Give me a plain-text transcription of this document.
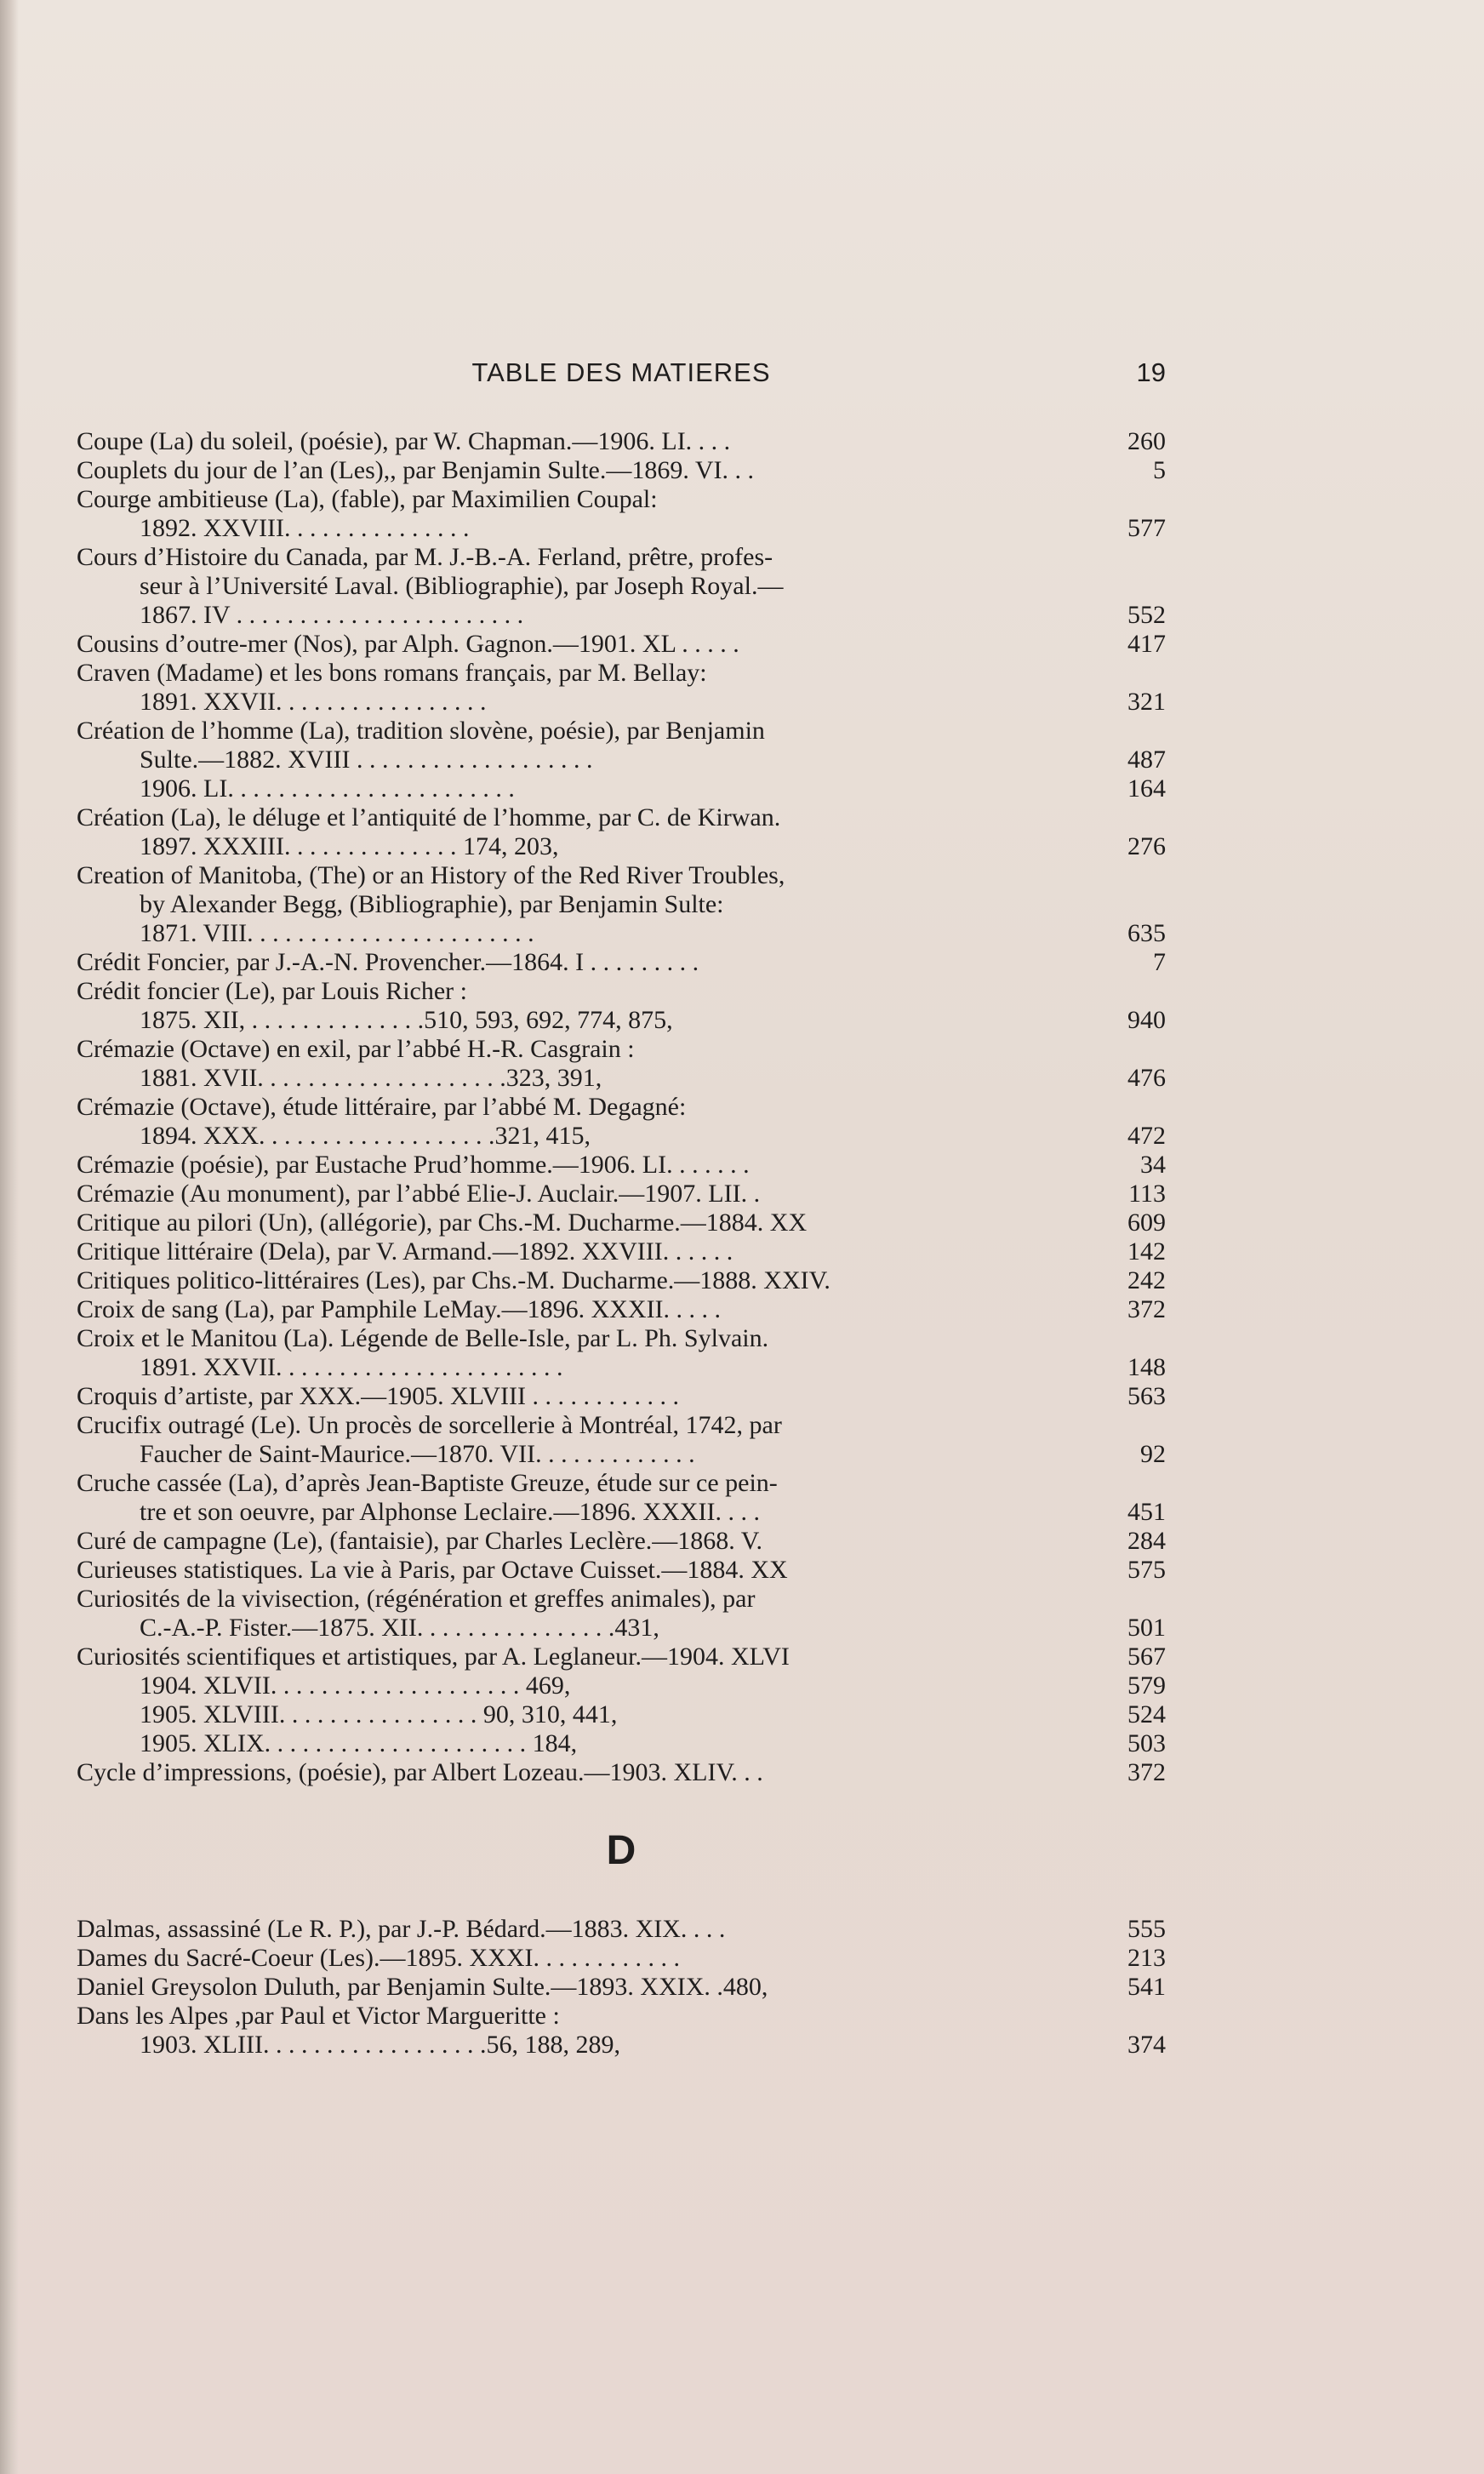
TABLE DES MATIERES	19
Coupe (La) du soleil, (poésie), par W. Chapman.—1906. LI. . . .	260
Couplets du jour de l’an (Les),, par Benjamin Sulte.—1869. VI. . .	5
Courge ambitieuse (La), (fable), par Maximilien Coupal:
1892. XXVIII. . . . . . . . . . . . . . .	577
Cours d’Histoire du Canada, par M. J.-B.-A. Ferland, prêtre, profes-
seur à l’Université Laval. (Bibliographie), par Joseph Royal.—
1867. IV . . . . . . . . . . . . . . . . . . . . . . .	552
Cousins d’outre-mer (Nos), par Alph. Gagnon.—1901. XL . . . . .	417
Craven (Madame) et les bons romans français, par M. Bellay:
1891. XXVII. . . . . . . . . . . . . . . . .	321
Création de l’homme (La), tradition slovène, poésie), par Benjamin
Sulte.—1882. XVIII . . . . . . . . . . . . . . . . . . .	487
1906. LI. . . . . . . . . . . . . . . . . . . . . . .	164
Création (La), le déluge et l’antiquité de l’homme, par C. de Kirwan.
1897. XXXIII. . . . . . . . . . . . . . 174, 203,	276
Creation of Manitoba, (The) or an History of the Red River Troubles,
by Alexander Begg, (Bibliographie), par Benjamin Sulte:
1871. VIII. . . . . . . . . . . . . . . . . . . . . . .	635
Crédit Foncier, par J.-A.-N. Provencher.—1864. I . . . . . . . . .	7
Crédit foncier (Le), par Louis Richer :
1875. XII, . . . . . . . . . . . . . .510, 593, 692, 774, 875,	940
Crémazie (Octave) en exil, par l’abbé H.-R. Casgrain :
1881. XVII. . . . . . . . . . . . . . . . . . . .323, 391,	476
Crémazie (Octave), étude littéraire, par l’abbé M. Degagné:
1894. XXX. . . . . . . . . . . . . . . . . . .321, 415,	472
Crémazie (poésie), par Eustache Prud’homme.—1906. LI. . . . . . .	34
Crémazie (Au monument), par l’abbé Elie-J. Auclair.—1907. LII. .	113
Critique au pilori (Un), (allégorie), par Chs.-M. Ducharme.—1884. XX	609
Critique littéraire (Dela), par V. Armand.—1892. XXVIII. . . . . .	142
Critiques politico-littéraires (Les), par Chs.-M. Ducharme.—1888. XXIV.	242
Croix de sang (La), par Pamphile LeMay.—1896. XXXII. . . . .	372
Croix et le Manitou (La). Légende de Belle-Isle, par L. Ph. Sylvain.
1891. XXVII. . . . . . . . . . . . . . . . . . . . . . .	148
Croquis d’artiste, par XXX.—1905. XLVIII . . . . . . . . . . . .	563
Crucifix outragé (Le). Un procès de sorcellerie à Montréal, 1742, par
Faucher de Saint-Maurice.—1870. VII. . . . . . . . . . . . .	92
Cruche cassée (La), d’après Jean-Baptiste Greuze, étude sur ce pein-
tre et son oeuvre, par Alphonse Leclaire.—1896. XXXII. . . .	451
Curé de campagne (Le), (fantaisie), par Charles Leclère.—1868. V.	284
Curieuses statistiques. La vie à Paris, par Octave Cuisset.—1884. XX	575
Curiosités de la vivisection, (régénération et greffes animales), par
C.-A.-P. Fister.—1875. XII. . . . . . . . . . . . . . . .431,	501
Curiosités scientifiques et artistiques, par A. Leglaneur.—1904. XLVI	567
1904. XLVII. . . . . . . . . . . . . . . . . . . . 469,	579
1905. XLVIII. . . . . . . . . . . . . . . . 90, 310, 441,	524
1905. XLIX. . . . . . . . . . . . . . . . . . . . . 184,	503
Cycle d’impressions, (poésie), par Albert Lozeau.—1903. XLIV. . .	372
D
Dalmas, assassiné (Le R. P.), par J.-P. Bédard.—1883. XIX. . . .	555
Dames du Sacré-Coeur (Les).—1895. XXXI. . . . . . . . . . . .	213
Daniel Greysolon Duluth, par Benjamin Sulte.—1893. XXIX. .480,	541
Dans les Alpes ,par Paul et Victor Margueritte :
1903. XLIII. . . . . . . . . . . . . . . . . .56, 188, 289,	374
